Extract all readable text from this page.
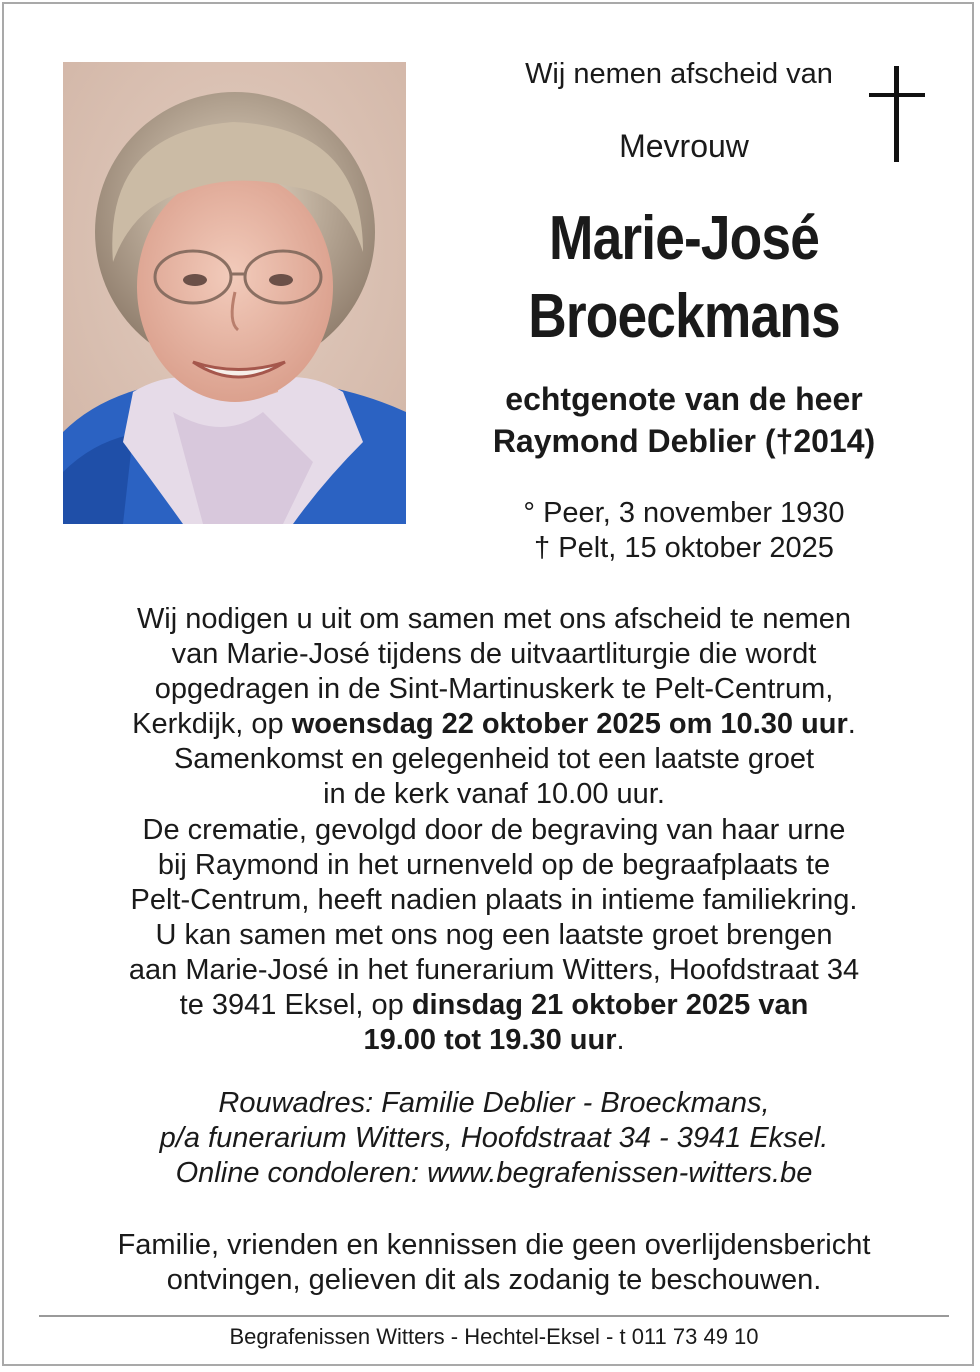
Wij nemen afscheid van
Mevrouw
Marie-José
Broeckmans
echtgenote van de heer
Raymond Deblier (†2014)
° Peer, 3 november 1930
† Pelt, 15 oktober 2025
Wij nodigen u uit om samen met ons afscheid te nemen
van Marie-José tijdens de uitvaartliturgie die wordt
opgedragen in de Sint-Martinuskerk te Pelt-Centrum,
Kerkdijk, op woensdag 22 oktober 2025 om 10.30 uur.
Samenkomst en gelegenheid tot een laatste groet
in de kerk vanaf 10.00 uur.
De crematie, gevolgd door de begraving van haar urne
bij Raymond in het urnenveld op de begraafplaats te
Pelt-Centrum, heeft nadien plaats in intieme familiekring.
U kan samen met ons nog een laatste groet brengen
aan Marie-José in het funerarium Witters, Hoofdstraat 34
te 3941 Eksel, op dinsdag 21 oktober 2025 van
19.00 tot 19.30 uur.
Rouwadres: Familie Deblier - Broeckmans,
p/a funerarium Witters, Hoofdstraat 34 - 3941 Eksel.
Online condoleren: www.begrafenissen-witters.be
Familie, vrienden en kennissen die geen overlijdensbericht
ontvingen, gelieven dit als zodanig te beschouwen.
Begrafenissen Witters - Hechtel-Eksel - t 011 73 49 10
